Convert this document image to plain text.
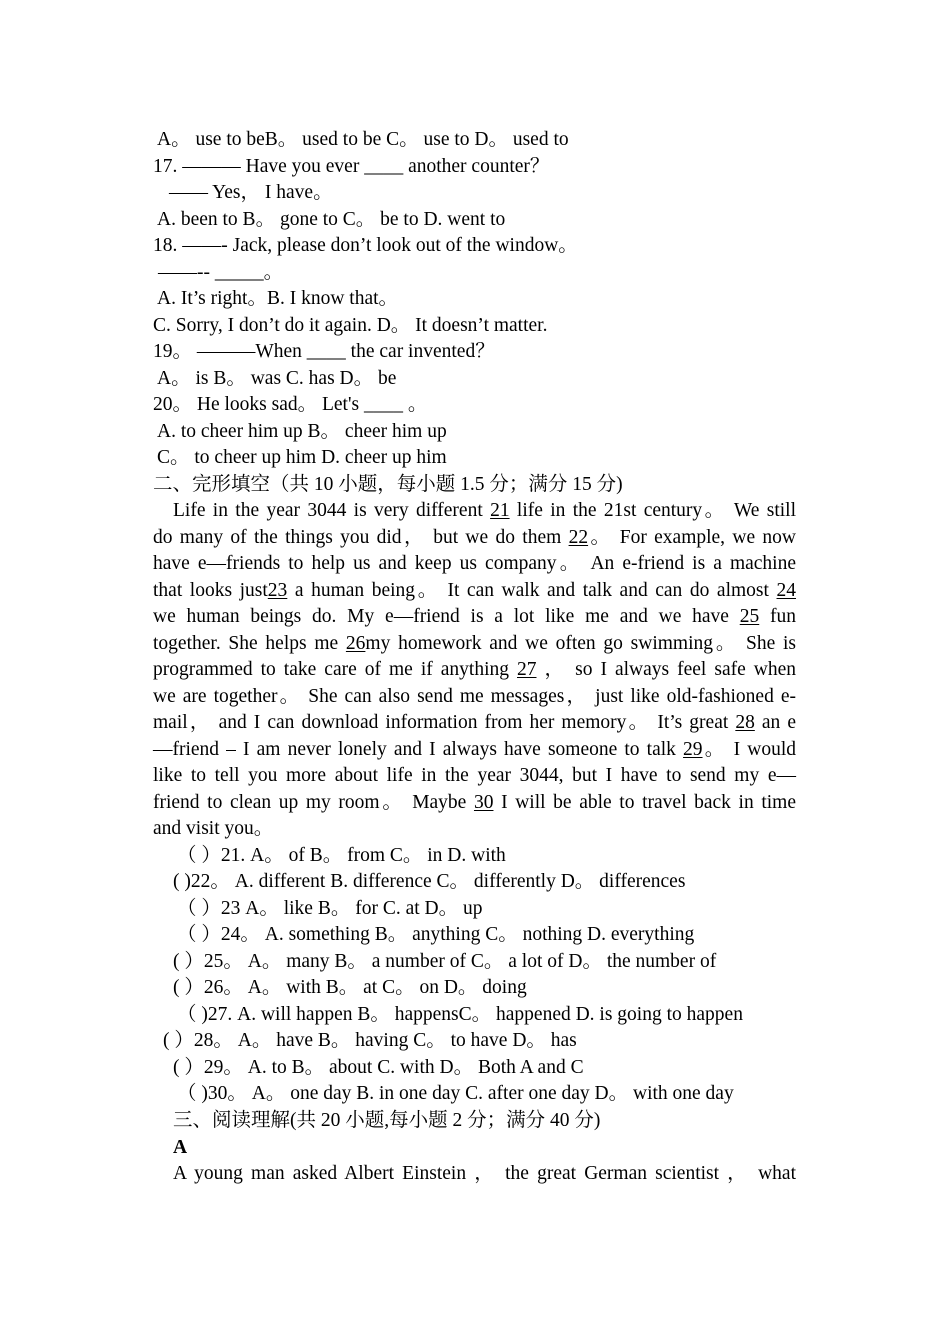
A。 use to beB。 used to be C。 use to D。 used to

17. ——— Have you ever ____ another counter？

—— Yes， I have。

A. been to B。 gone to C。 be to D. went to

18. ——- Jack, please don’t look out of the window。

——-- _____。

A. It’s right。B. I know that。

C. Sorry, I don’t do it again. D。 It doesn’t matter.

19。 ———When ____ the car invented？

A。 is B。 was C. has D。 be

20。 He looks sad。 Let's ____ 。

A. to cheer him up B。 cheer him up

C。 to cheer up him D. cheer up him

二、完形填空（共 10 小题，每小题 1.5 分；满分 15 分)

Life in the year 3044 is very different 21 life in the 21st century。 We still

do many of the things you did， but we do them 22。 For example, we now

have e—friends to help us and keep us company。 An e-friend is a machine

that looks just23 a human being。 It can walk and talk and can do almost 24

we human beings do. My e—friend is a lot like me and we have 25 fun

together. She helps me 26my homework and we often go swimming。 She is

programmed to take care of me if anything 27 ， so I always feel safe when

we are together。 She can also send me messages， just like old-fashioned e-

mail， and I can download information from her memory。 It’s great 28 an e

—friend – I am never lonely and I always have someone to talk 29。 I would

like to tell you more about life in the year 3044, but I have to send my e—

friend to clean up my room。 Maybe 30 I will be able to travel back in time

and visit you。

（ ）21. A。 of B。 from C。 in D. with

( )22。 A. different B. difference C。 differently D。 differences

（ ）23 A。 like B。 for C. at D。 up

（ ）24。 A. something B。 anything C。 nothing D. everything

( ）25。 A。 many B。 a number of C。 a lot of D。 the number of

( ）26。 A。 with B。 at C。 on D。 doing

（ )27. A. will happen B。 happensC。 happened D. is going to happen

( ）28。 A。 have B。 having C。 to have D。 has

( ）29。 A. to B。 about C. with D。 Both A and C

（ )30。 A。 one day B. in one day C. after one day D。 with one day

三、阅读理解(共 20 小题,每小题 2 分；满分 40 分)

A

A young man asked Albert Einstein ， the great German scientist ， what
